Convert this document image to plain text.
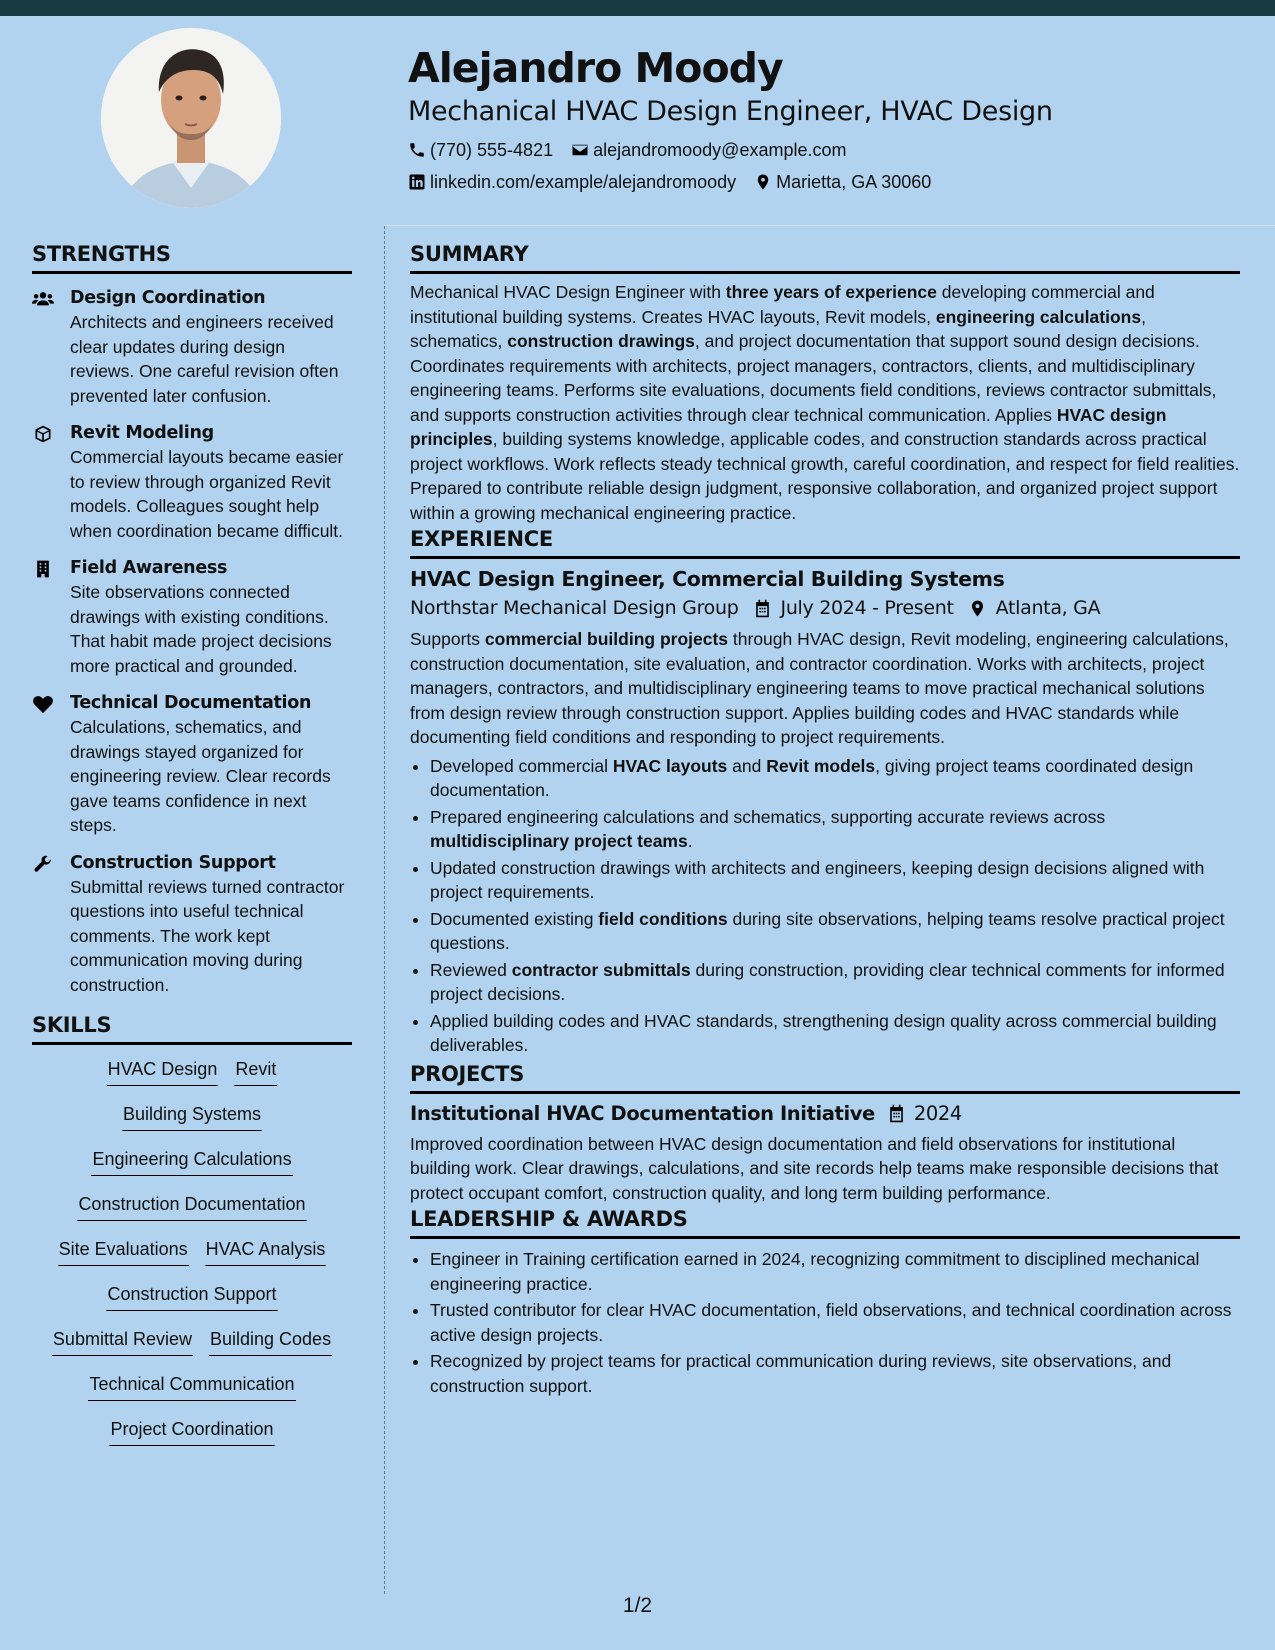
Alejandro Moody
Mechanical HVAC Design Engineer, HVAC Design
(770) 555-4821 alejandromoody@example.com
linkedin.com/example/alejandromoody Marietta, GA 30060
STRENGTHS
Design Coordination
Architects and engineers received clear updates during design reviews. One careful revision often prevented later confusion.
Revit Modeling
Commercial layouts became easier to review through organized Revit models. Colleagues sought help when coordination became difficult.
Field Awareness
Site observations connected drawings with existing conditions. That habit made project decisions more practical and grounded.
Technical Documentation
Calculations, schematics, and drawings stayed organized for engineering review. Clear records gave teams confidence in next steps.
Construction Support
Submittal reviews turned contractor questions into useful technical comments. The work kept communication moving during construction.
SKILLS
HVAC Design Revit
Building Systems
Engineering Calculations
Construction Documentation
Site Evaluations HVAC Analysis
Construction Support
Submittal Review Building Codes
Technical Communication
Project Coordination
SUMMARY

Mechanical HVAC Design Engineer with three years of experience developing commercial and institutional building systems. Creates HVAC layouts, Revit models, engineering calculations, schematics, construction drawings, and project documentation that support sound design decisions. Coordinates requirements with architects, project managers, contractors, clients, and multidisciplinary engineering teams. Performs site evaluations, documents field conditions, reviews contractor submittals, and supports construction activities through clear technical communication. Applies HVAC design principles, building systems knowledge, applicable codes, and construction standards across practical project workflows. Work reflects steady technical growth, careful coordination, and respect for field realities. Prepared to contribute reliable design judgment, responsive collaboration, and organized project support within a growing mechanical engineering practice.

EXPERIENCE
HVAC Design Engineer, Commercial Building Systems
Northstar Mechanical Design Group July 2024 - Present Atlanta, GA

Supports commercial building projects through HVAC design, Revit modeling, engineering calculations, construction documentation, site evaluation, and contractor coordination. Works with architects, project managers, contractors, and multidisciplinary engineering teams to move practical mechanical solutions from design review through construction support. Applies building codes and HVAC standards while documenting field conditions and responding to project requirements.

• Developed commercial HVAC layouts and Revit models, giving project teams coordinated design documentation.
• Prepared engineering calculations and schematics, supporting accurate reviews across multidisciplinary project teams.
• Updated construction drawings with architects and engineers, keeping design decisions aligned with project requirements.
• Documented existing field conditions during site observations, helping teams resolve practical project questions.
• Reviewed contractor submittals during construction, providing clear technical comments for informed project decisions.
• Applied building codes and HVAC standards, strengthening design quality across commercial building deliverables.
PROJECTS
Institutional HVAC Documentation Initiative 2024

Improved coordination between HVAC design documentation and field observations for institutional building work. Clear drawings, calculations, and site records help teams make responsible decisions that protect occupant comfort, construction quality, and long term building performance.

LEADERSHIP & AWARDS
• Engineer in Training certification earned in 2024, recognizing commitment to disciplined mechanical engineering practice.
• Trusted contributor for clear HVAC documentation, field observations, and technical coordination across active design projects.
• Recognized by project teams for practical communication during reviews, site observations, and construction support.
1/2
